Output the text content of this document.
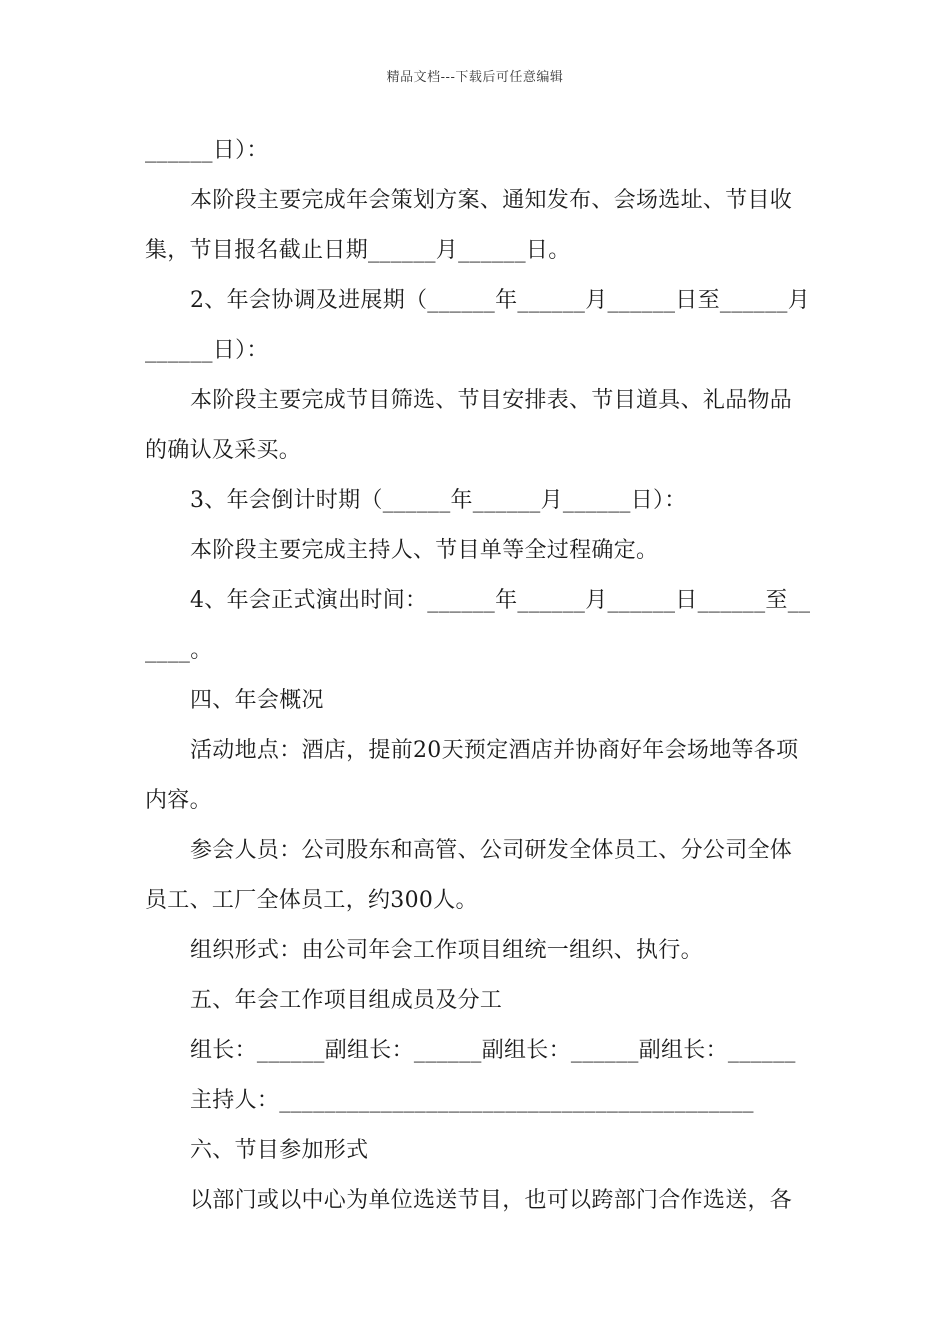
精品文档---下载后可任意编辑
______日）：
本阶段主要完成年会策划方案、通知发布、会场选址、节目收
集，节目报名截止日期______月______日。
2、年会协调及进展期（______年______月______日至______月
______日）：
本阶段主要完成节目筛选、节目安排表、节目道具、礼品物品
的确认及采买。
3、年会倒计时期（______年______月______日）：
本阶段主要完成主持人、节目单等全过程确定。
4、年会正式演出时间：______年______月______日______至__
____。
四、年会概况
活动地点：酒店，提前20天预定酒店并协商好年会场地等各项
内容。
参会人员：公司股东和高管、公司研发全体员工、分公司全体
员工、工厂全体员工，约300人。
组织形式：由公司年会工作项目组统一组织、执行。
五、年会工作项目组成员及分工
组长：______副组长：______副组长：______副组长：______
主持人：__________________________________________
六、节目参加形式
以部门或以中心为单位选送节目，也可以跨部门合作选送，各
